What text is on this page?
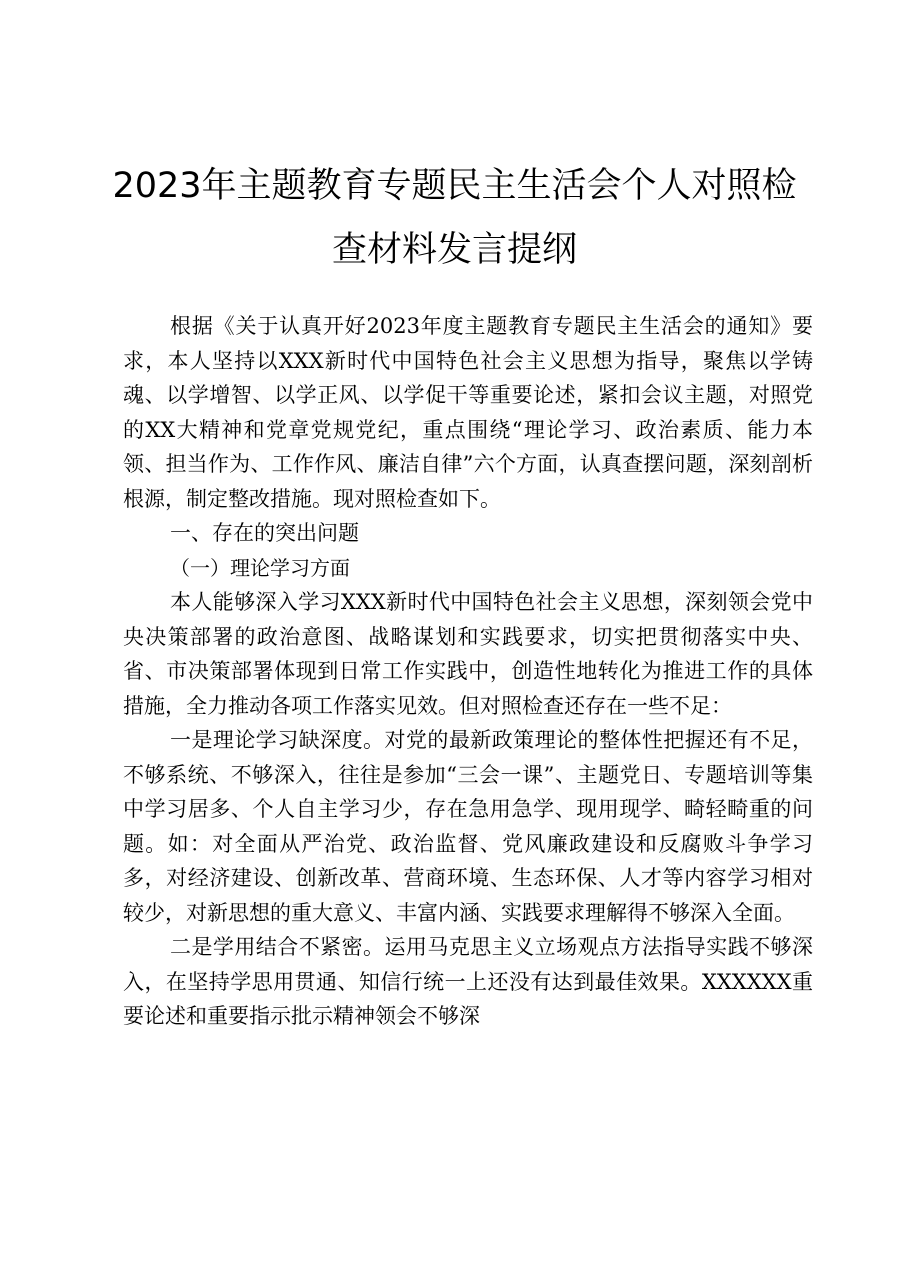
2023年主题教育专题民主生活会个人对照检
查材料发言提纲

根据《关于认真开好2023年度主题教育专题民主生活会的通知》要求，本人坚持以XXX新时代中国特色社会主义思想为指导，聚焦以学铸魂、以学增智、以学正风、以学促干等重要论述，紧扣会议主题，对照党的XX大精神和党章党规党纪，重点围绕“理论学习、政治素质、能力本领、担当作为、工作作风、廉洁自律”六个方面，认真查摆问题，深刻剖析根源，制定整改措施。现对照检查如下。

一、存在的突出问题

（一）理论学习方面

本人能够深入学习XXX新时代中国特色社会主义思想，深刻领会党中央决策部署的政治意图、战略谋划和实践要求，切实把贯彻落实中央、省、市决策部署体现到日常工作实践中，创造性地转化为推进工作的具体措施，全力推动各项工作落实见效。但对照检查还存在一些不足：

一是理论学习缺深度。对党的最新政策理论的整体性把握还有不足，不够系统、不够深入，往往是参加“三会一课”、主题党日、专题培训等集中学习居多、个人自主学习少，存在急用急学、现用现学、畸轻畸重的问题。如：对全面从严治党、政治监督、党风廉政建设和反腐败斗争学习多，对经济建设、创新改革、营商环境、生态环保、人才等内容学习相对较少，对新思想的重大意义、丰富内涵、实践要求理解得不够深入全面。

二是学用结合不紧密。运用马克思主义立场观点方法指导实践不够深入，在坚持学思用贯通、知信行统一上还没有达到最佳效果。XXXXXX重要论述和重要指示批示精神领会不够深
